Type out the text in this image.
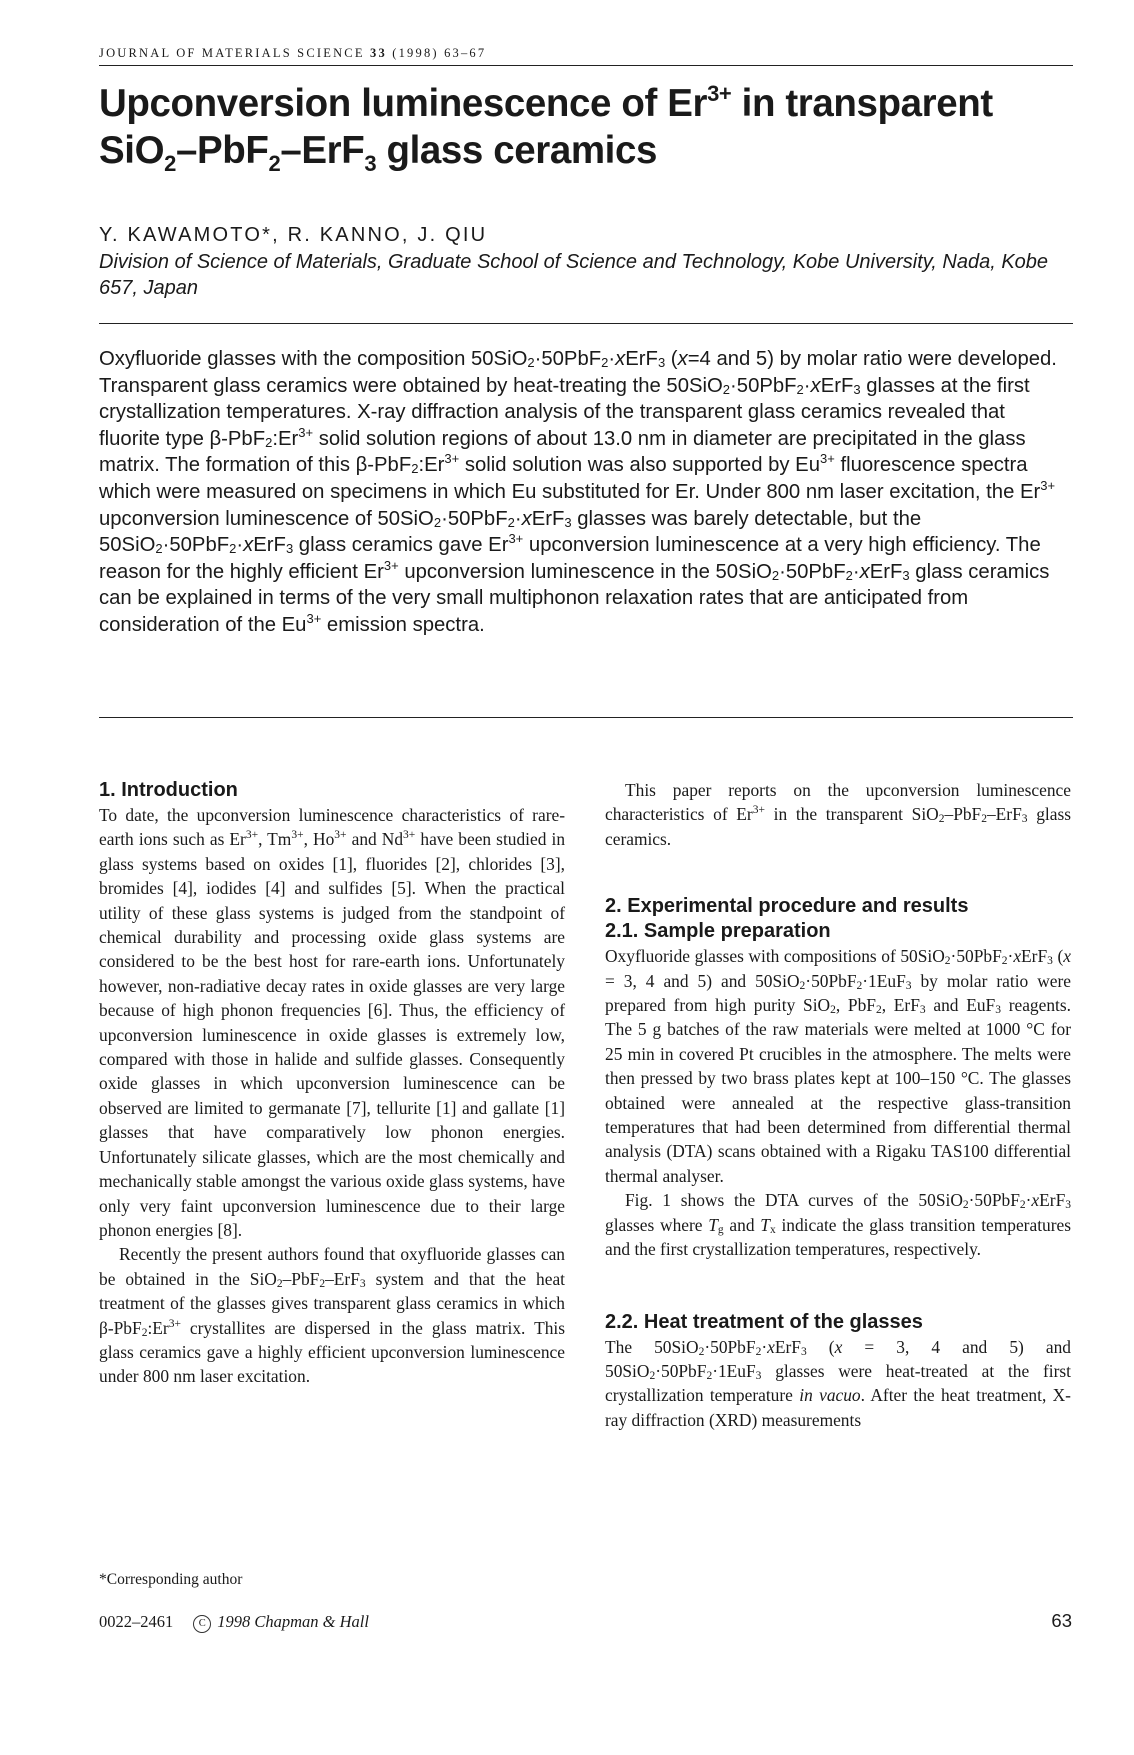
JOURNAL OF MATERIALS SCIENCE 33 (1998) 63–67
Upconversion luminescence of $Er^{3+}$ in transparent
SiO$_2$–PbF$_2$–ErF$_3$ glass ceramics
Y. KAWAMOTO*, R. KANNO, J. QIU
Division of Science of Materials, Graduate School of Science and Technology, Kobe University, Nada, Kobe 657, Japan
Oxyfluoride glasses with the composition 50SiO$_2$·50PbF$_2$·xErF$_3$ (x=4 and 5) by molar ratio were developed. Transparent glass ceramics were obtained by heat-treating the 50SiO$_2$·50PbF$_2$·xErF$_3$ glasses at the first crystallization temperatures. X-ray diffraction analysis of the transparent glass ceramics revealed that fluorite type $\beta-PbF_2:Er^{3+}$ solid solution regions of about 13.0 nm in diameter are precipitated in the glass matrix. The formation of this $\beta-PbF_2:Er^{3+}$ solid solution was also supported by $Eu^{3+}$ fluorescence spectra which were measured on specimens in which Eu substituted for Er. Under 800 nm laser excitation, the $Er^{3+}$ upconversion luminescence of 50SiO$_2$·50PbF$_2$·xErF$_3$ glasses was barely detectable, but the 50SiO$_2$·50PbF$_2$·xErF$_3$ glass ceramics gave $Er^{3+}$ upconversion luminescence at a very high efficiency. The reason for the highly efficient $Er^{3+}$ upconversion luminescence in the 50SiO$_2$·50PbF$_2$·xErF$_3$ glass ceramics can be explained in terms of the very small multiphonon relaxation rates that are anticipated from consideration of the $Eu^{3+}$ emission spectra.
1. Introduction

To date, the upconversion luminescence characteristics of rare-earth ions such as $Er^{3+}$, $Tm^{3+}$, $Ho^{3+}$ and $Nd^{3+}$ have been studied in glass systems based on oxides [1], fluorides [2], chlorides [3], bromides [4], iodides [4] and sulfides [5]. When the practical utility of these glass systems is judged from the standpoint of chemical durability and processing oxide glass systems are considered to be the best host for rare-earth ions. Unfortunately however, non-radiative decay rates in oxide glasses are very large because of high phonon frequencies [6]. Thus, the efficiency of upconversion luminescence in oxide glasses is extremely low, compared with those in halide and sulfide glasses. Consequently oxide glasses in which upconversion luminescence can be observed are limited to germanate [7], tellurite [1] and gallate [1] glasses that have comparatively low phonon energies. Unfortunately silicate glasses, which are the most chemically and mechanically stable amongst the various oxide glass systems, have only very faint upconversion luminescence due to their large phonon energies [8].

Recently the present authors found that oxyfluoride glasses can be obtained in the SiO$_2$–PbF$_2$–ErF$_3$ system and that the heat treatment of the glasses gives transparent glass ceramics in which $\beta-PbF_2:Er^{3+}$ crystallites are dispersed in the glass matrix. This glass ceramics gave a highly efficient upconversion luminescence under 800 nm laser excitation.

This paper reports on the upconversion luminescence characteristics of $Er^{3+}$ in the transparent SiO$_2$–PbF$_2$–ErF$_3$ glass ceramics.

2. Experimental procedure and results
2.1. Sample preparation

Oxyfluoride glasses with compositions of 50SiO$_2$·50PbF$_2$·xErF$_3$ (x = 3, 4 and 5) and 50SiO$_2$·50PbF$_2$·1EuF$_3$ by molar ratio were prepared from high purity SiO$_2$, PbF$_2$, ErF$_3$ and EuF$_3$ reagents. The 5 g batches of the raw materials were melted at 1000 °C for 25 min in covered Pt crucibles in the atmosphere. The melts were then pressed by two brass plates kept at 100–150 °C. The glasses obtained were annealed at the respective glass-transition temperatures that had been determined from differential thermal analysis (DTA) scans obtained with a Rigaku TAS100 differential thermal analyser.

Fig. 1 shows the DTA curves of the 50SiO$_2$·50PbF$_2$·xErF$_3$ glasses where $T_g$ and $T_x$ indicate the glass transition temperatures and the first crystallization temperatures, respectively.

2.2. Heat treatment of the glasses

The 50SiO$_2$·50PbF$_2$·xErF$_3$ (x = 3, 4 and 5) and 50SiO$_2$·50PbF$_2$·1EuF$_3$ glasses were heat-treated at the first crystallization temperature in vacuo. After the heat treatment, X-ray diffraction (XRD) measurements

*Corresponding author
0022–2461 C 1998 Chapman & Hall	63
